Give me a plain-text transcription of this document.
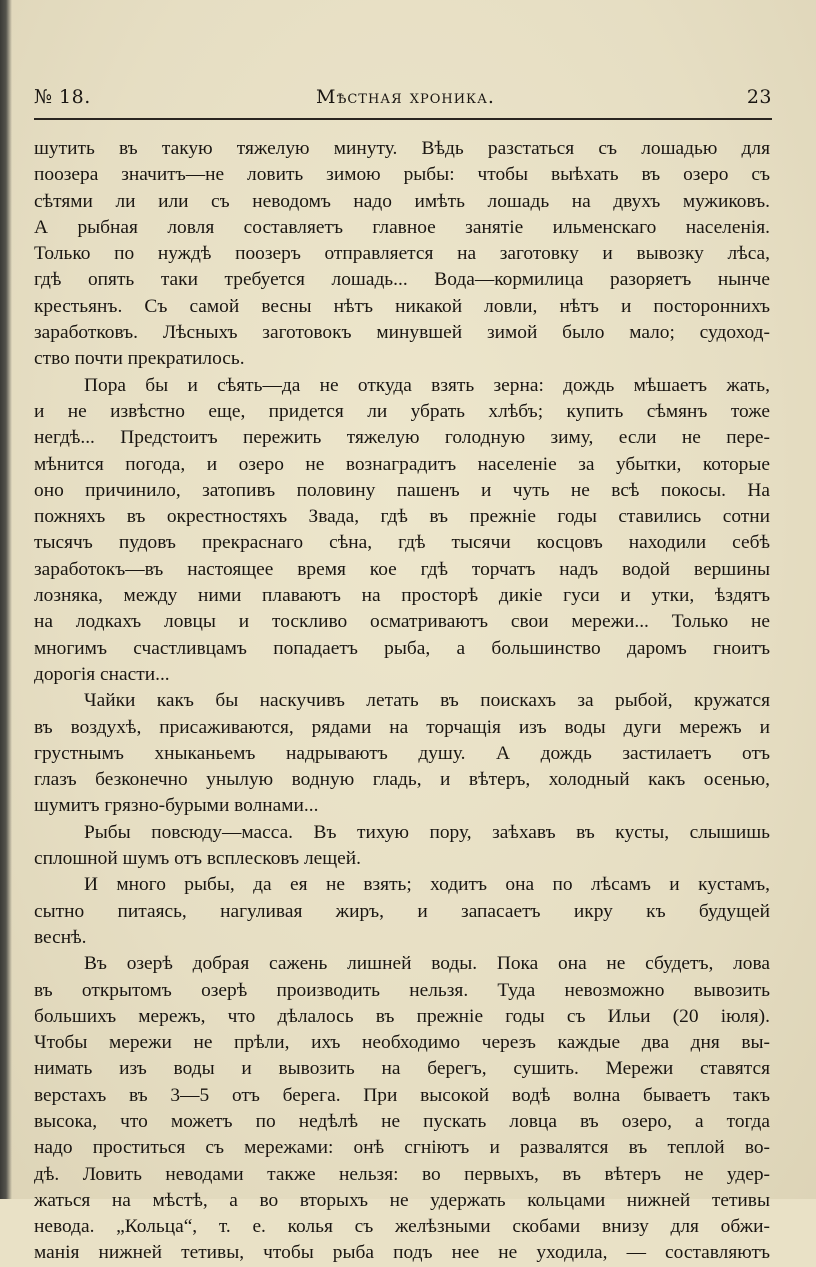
№ 18.	Мѣстная хроника.	23
шутить въ такую тяжелую минуту. Вѣдь разстаться съ лошадью для
поозера значитъ—не ловить зимою рыбы: чтобы выѣхать въ озеро съ
сѣтями ли или съ неводомъ надо имѣть лошадь на двухъ мужиковъ.
А рыбная ловля составляетъ главное занятіе ильменскаго населенія.
Только по нуждѣ поозеръ отправляется на заготовку и вывозку лѣса,
гдѣ опять таки требуется лошадь... Вода—кормилица разоряетъ нынче
крестьянъ. Съ самой весны нѣтъ никакой ловли, нѣтъ и постороннихъ
заработковъ. Лѣсныхъ заготовокъ минувшей зимой было мало; судоход-
ство почти прекратилось.
Пора бы и сѣять—да не откуда взять зерна: дождь мѣшаетъ жать,
и не извѣстно еще, придется ли убрать хлѣбъ; купить сѣмянъ тоже
негдѣ... Предстоитъ пережить тяжелую голодную зиму, если не пере-
мѣнится погода, и озеро не вознаградитъ населеніе за убытки, которые
оно причинило, затопивъ половину пашенъ и чуть не всѣ покосы. На
пожняхъ въ окрестностяхъ Звада, гдѣ въ прежніе годы ставились сотни
тысячъ пудовъ прекраснаго сѣна, гдѣ тысячи косцовъ находили себѣ
заработокъ—въ настоящее время кое гдѣ торчатъ надъ водой вершины
лозняка, между ними плаваютъ на просторѣ дикіе гуси и утки, ѣздятъ
на лодкахъ ловцы и тоскливо осматриваютъ свои мережи... Только не
многимъ счастливцамъ попадаетъ рыба, а большинство даромъ гноитъ
дорогія снасти...
Чайки какъ бы наскучивъ летать въ поискахъ за рыбой, кружатся
въ воздухѣ, присаживаются, рядами на торчащія изъ воды дуги мережъ и
грустнымъ хныканьемъ надрываютъ душу. А дождь застилаетъ отъ
глазъ безконечно унылую водную гладь, и вѣтеръ, холодный какъ осенью,
шумитъ грязно-бурыми волнами...
Рыбы повсюду—масса. Въ тихую пору, заѣхавъ въ кусты, слышишь
сплошной шумъ отъ всплесковъ лещей.
И много рыбы, да ея не взять; ходитъ она по лѣсамъ и кустамъ,
сытно питаясь, нагуливая жиръ, и запасаетъ икру къ будущей
веснѣ.
Въ озерѣ добрая сажень лишней воды. Пока она не сбудетъ, лова
въ открытомъ озерѣ производить нельзя. Туда невозможно вывозить
большихъ мережъ, что дѣлалось въ прежніе годы съ Ильи (20 іюля).
Чтобы мережи не прѣли, ихъ необходимо черезъ каждые два дня вы-
нимать изъ воды и вывозить на берегъ, сушить. Мережи ставятся
верстахъ въ 3—5 отъ берега. При высокой водѣ волна бываетъ такъ
высока, что можетъ по недѣлѣ не пускать ловца въ озеро, а тогда
надо проститься съ мережами: онѣ сгніютъ и развалятся въ теплой во-
дѣ. Ловить неводами также нельзя: во первыхъ, въ вѣтеръ не удер-
жаться на мѣстѣ, а во вторыхъ не удержать кольцами нижней тетивы
невода. „Кольца“, т. е. колья съ желѣзными скобами внизу для обжи-
манія нижней тетивы, чтобы рыба подъ нее не уходила, — составляютъ
